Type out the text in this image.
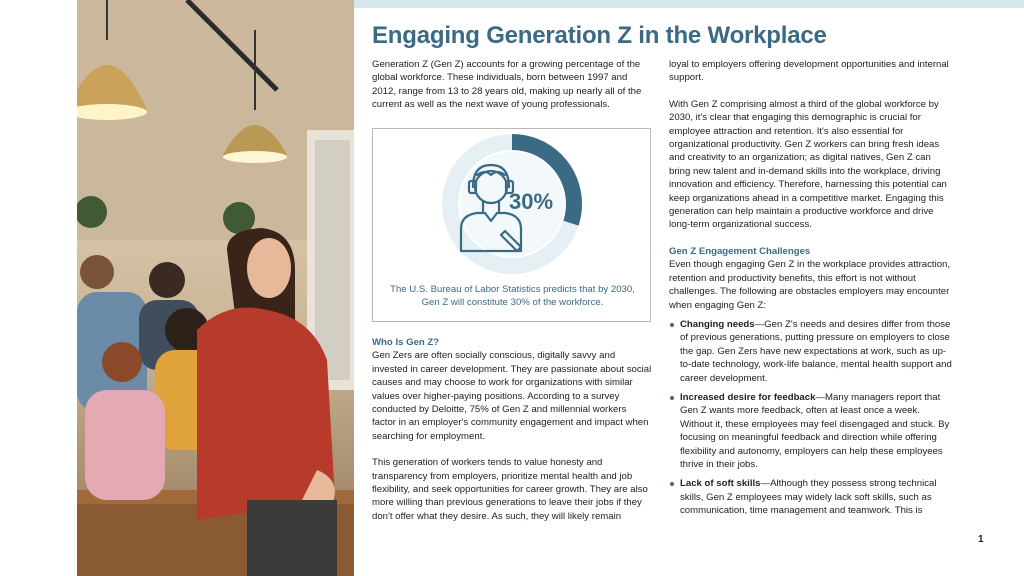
Engaging Generation Z in the Workplace

Generation Z (Gen Z) accounts for a growing percentage of the global workforce. These individuals, born between 1997 and 2012, range from 13 to 28 years old, making up nearly all of the current as well as the next wave of young professionals.

30%
The U.S. Bureau of Labor Statistics predicts that by 2030, Gen Z will constitute 30% of the workforce.

Who Is Gen Z?

Gen Zers are often socially conscious, digitally savvy and invested in career development. They are passionate about social causes and may choose to work for organizations with similar values over higher-paying positions. According to a survey conducted by Deloitte, 75% of Gen Z and millennial workers factor in an employer's community engagement and impact when searching for employment.

This generation of workers tends to value honesty and transparency from employers, prioritize mental health and job flexibility, and seek opportunities for career growth. They are also more willing than previous generations to leave their jobs if they don't offer what they desire. As such, they will likely remain

loyal to employers offering development opportunities and internal support.

With Gen Z comprising almost a third of the global workforce by 2030, it's clear that engaging this demographic is crucial for employee attraction and retention. It's also essential for organizational productivity. Gen Z workers can bring fresh ideas and creativity to an organization; as digital natives, Gen Z can bring new talent and in-demand skills into the workplace, driving innovation and efficiency. Therefore, harnessing this potential can keep organizations ahead in a competitive market. Engaging this generation can help maintain a productive workforce and drive long-term organizational success.

Gen Z Engagement Challenges

Even though engaging Gen Z in the workplace provides attraction, retention and productivity benefits, this effort is not without challenges. The following are obstacles employers may encounter when engaging Gen Z:

Changing needs—Gen Z's needs and desires differ from those of previous generations, putting pressure on employers to close the gap. Gen Zers have new expectations at work, such as up-to-date technology, work-life balance, mental health support and career development.
Increased desire for feedback—Many managers report that Gen Z wants more feedback, often at least once a week. Without it, these employees may feel disengaged and stuck. By focusing on meaningful feedback and direction while offering flexibility and autonomy, employers can help these employees thrive in their jobs.
Lack of soft skills—Although they possess strong technical skills, Gen Z employees may widely lack soft skills, such as communication, time management and teamwork. This is
1
